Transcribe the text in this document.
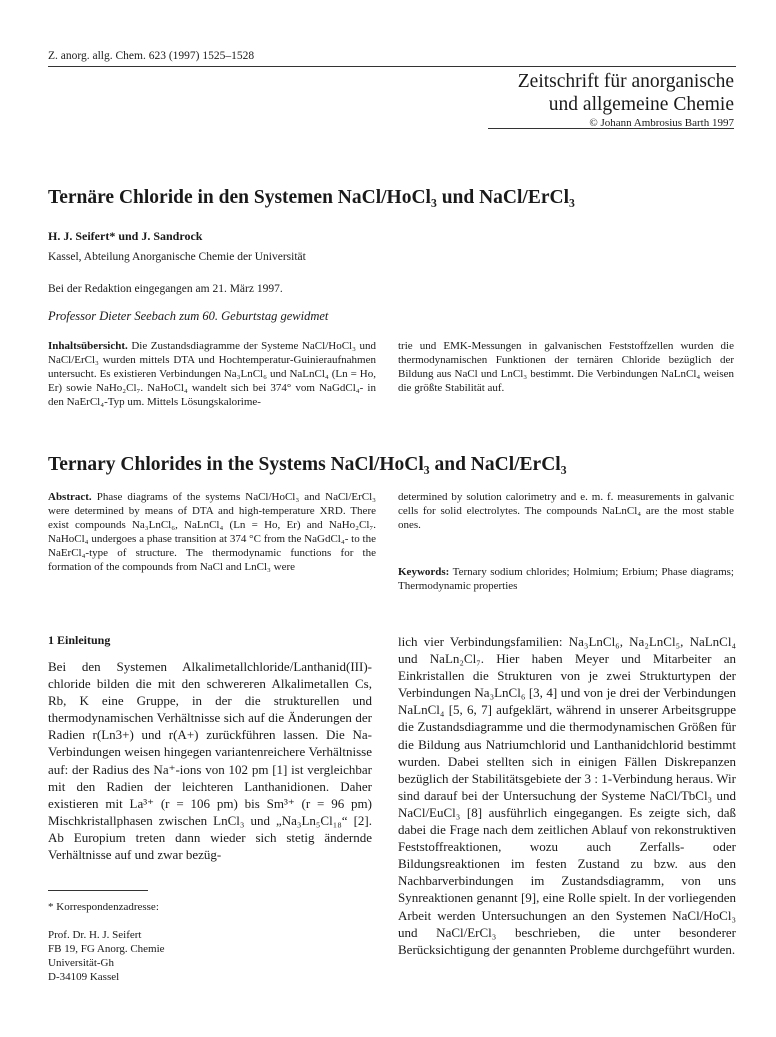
Z. anorg. allg. Chem. 623 (1997) 1525–1528
Zeitschrift für anorganische
und allgemeine Chemie
© Johann Ambrosius Barth 1997
Ternäre Chloride in den Systemen NaCl/HoCl₃ und NaCl/ErCl₃
H. J. Seifert* und J. Sandrock
Kassel, Abteilung Anorganische Chemie der Universität
Bei der Redaktion eingegangen am 21. März 1997.
Professor Dieter Seebach zum 60. Geburtstag gewidmet
Inhaltsübersicht. Die Zustandsdiagramme der Systeme NaCl/HoCl₃ und NaCl/ErCl₃ wurden mittels DTA und Hochtemperatur-Guinieraufnahmen untersucht. Es existieren Verbindungen Na₃LnCl₆ und NaLnCl₄ (Ln = Ho, Er) sowie NaHo₂Cl₇. NaHoCl₄ wandelt sich bei 374° vom NaGdCl₄- in den NaErCl₄-Typ um. Mittels Lösungskalorime-
trie und EMK-Messungen in galvanischen Feststoffzellen wurden die thermodynamischen Funktionen der ternären Chloride bezüglich der Bildung aus NaCl und LnCl₃ bestimmt. Die Verbindungen NaLnCl₄ weisen die größte Stabilität auf.
Ternary Chlorides in the Systems NaCl/HoCl₃ and NaCl/ErCl₃
Abstract. Phase diagrams of the systems NaCl/HoCl₃ and NaCl/ErCl₃ were determined by means of DTA and high-temperature XRD. There exist compounds Na₃LnCl₆, NaLnCl₄ (Ln = Ho, Er) and NaHo₂Cl₇. NaHoCl₄ undergoes a phase transition at 374 °C from the NaGdCl₄- to the NaErCl₄-type of structure. The thermodynamic functions for the formation of the compounds from NaCl and LnCl₃ were
determined by solution calorimetry and e. m. f. measurements in galvanic cells for solid electrolytes. The compounds NaLnCl₄ are the most stable ones.
Keywords: Ternary sodium chlorides; Holmium; Erbium; Phase diagrams; Thermodynamic properties
1 Einleitung
Bei den Systemen Alkalimetallchloride/Lanthanid(III)-chloride bilden die mit den schwereren Alkalimetallen Cs, Rb, K eine Gruppe, in der die strukturellen und thermodynamischen Verhältnisse sich auf die Änderungen der Radien r(Ln3+) und r(A+) zurückführen lassen. Die Na-Verbindungen weisen hingegen variantenreichere Verhältnisse auf: der Radius des Na⁺-ions von 102 pm [1] ist vergleichbar mit den Radien der leichteren Lanthanidionen. Daher existieren mit La³⁺ (r = 106 pm) bis Sm³⁺ (r = 96 pm) Mischkristallphasen zwischen LnCl₃ und „Na₃Ln₅Cl₁₈“ [2]. Ab Europium treten dann wieder sich stetig ändernde Verhältnisse auf und zwar bezüg-
lich vier Verbindungsfamilien: Na₃LnCl₆, Na₂LnCl₅, NaLnCl₄ und NaLn₂Cl₇. Hier haben Meyer und Mitarbeiter an Einkristallen die Strukturen von je zwei Strukturtypen der Verbindungen Na₃LnCl₆ [3, 4] und von je drei der Verbindungen NaLnCl₄ [5, 6, 7] aufgeklärt, während in unserer Arbeitsgruppe die Zustandsdiagramme und die thermodynamischen Größen für die Bildung aus Natriumchlorid und Lanthanidchlorid bestimmt wurden. Dabei stellten sich in einigen Fällen Diskrepanzen bezüglich der Stabilitätsgebiete der 3 : 1-Verbindung heraus. Wir sind darauf bei der Untersuchung der Systeme NaCl/TbCl₃ und NaCl/EuCl₃ [8] ausführlich eingegangen. Es zeigte sich, daß dabei die Frage nach dem zeitlichen Ablauf von rekonstruktiven Feststoffreaktionen, wozu auch Zerfalls- oder Bildungsreaktionen im festen Zustand zu bzw. aus den Nachbarverbindungen im Zustandsdiagramm, von uns Synreaktionen genannt [9], eine Rolle spielt. In der vorliegenden Arbeit werden Untersuchungen an den Systemen NaCl/HoCl₃ und NaCl/ErCl₃ beschrieben, die unter besonderer Berücksichtigung der genannten Probleme durchgeführt wurden.
* Korrespondenzadresse:
Prof. Dr. H. J. Seifert
FB 19, FG Anorg. Chemie
Universität-Gh
D-34109 Kassel
